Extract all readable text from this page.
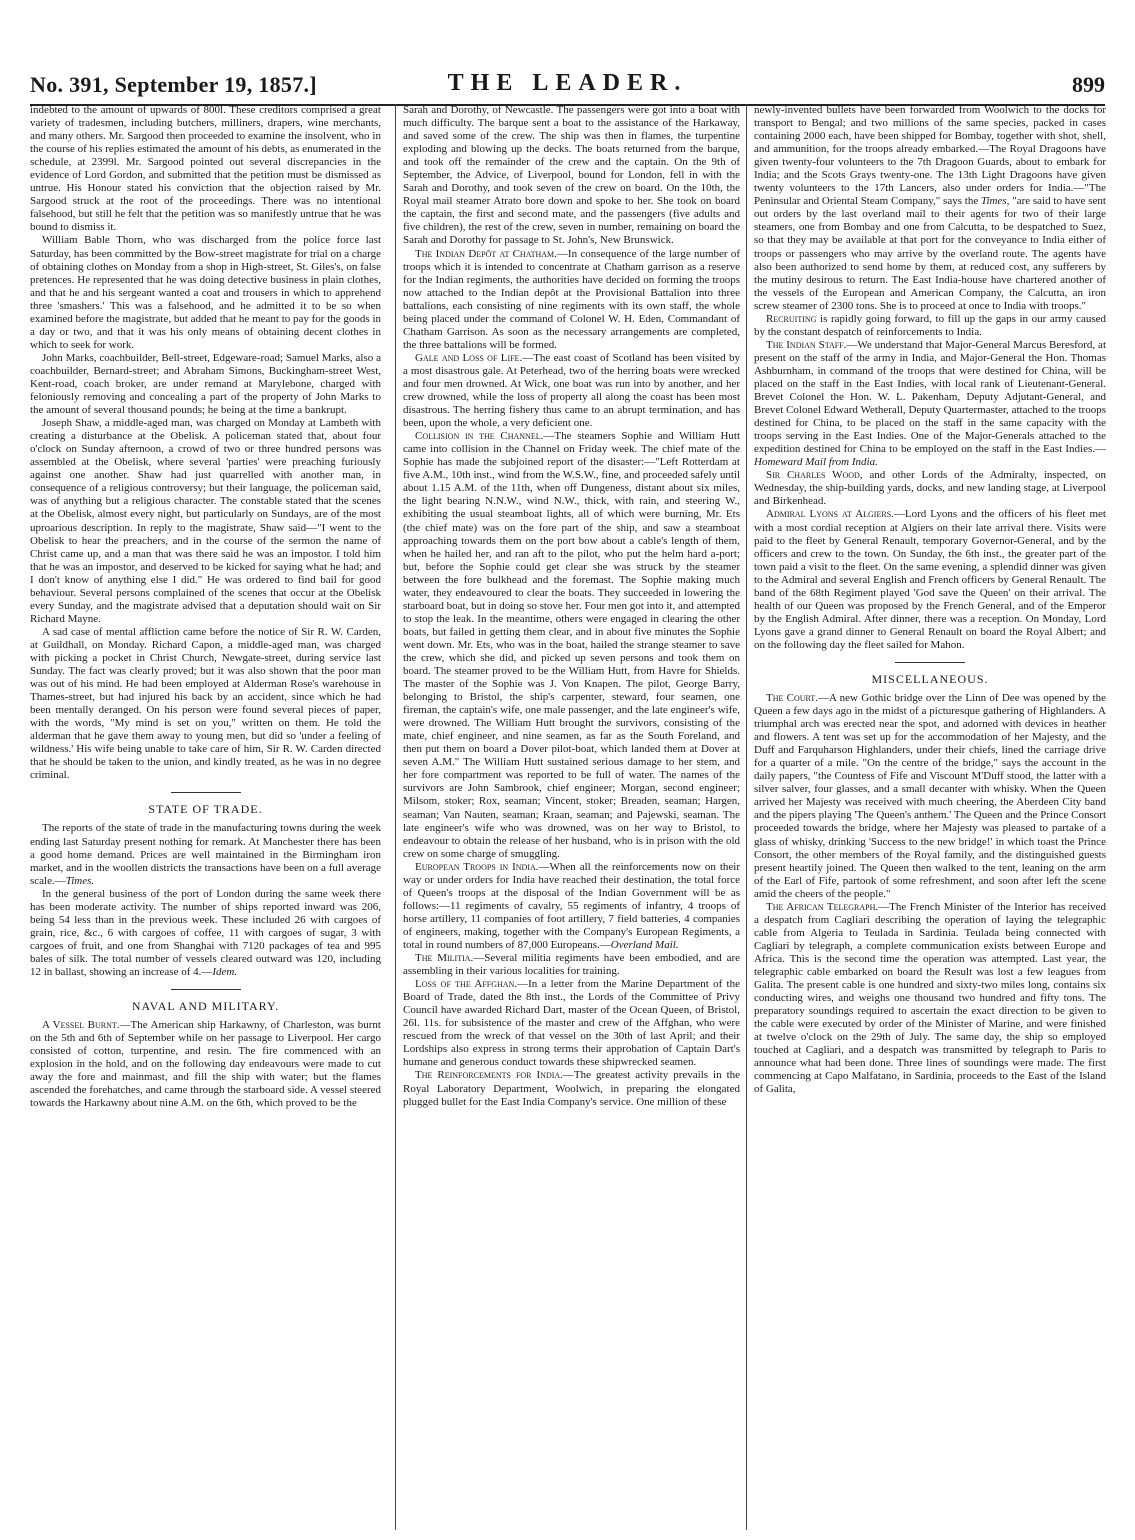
No. 391, September 19, 1857.]	THE LEADER.	899

indebted to the amount of upwards of 800l. These creditors comprised a great variety of tradesmen, including butchers, milliners, drapers, wine merchants, and many others. Mr. Sargood then proceeded to examine the insolvent, who in the course of his replies estimated the amount of his debts, as enumerated in the schedule, at 2399l. Mr. Sargood pointed out several discrepancies in the evidence of Lord Gordon, and submitted that the petition must be dismissed as untrue. His Honour stated his conviction that the objection raised by Mr. Sargood struck at the root of the proceedings. There was no intentional falsehood, but still he felt that the petition was so manifestly untrue that he was bound to dismiss it.

William Bable Thorn, who was discharged from the police force last Saturday, has been committed by the Bow-street magistrate for trial on a charge of obtaining clothes on Monday from a shop in High-street, St. Giles's, on false pretences. He represented that he was doing detective business in plain clothes, and that he and his sergeant wanted a coat and trousers in which to apprehend three 'smashers.' This was a falsehood, and he admitted it to be so when examined before the magistrate, but added that he meant to pay for the goods in a day or two, and that it was his only means of obtaining decent clothes in which to seek for work.

John Marks, coachbuilder, Bell-street, Edgeware-road; Samuel Marks, also a coachbuilder, Bernard-street; and Abraham Simons, Buckingham-street West, Kent-road, coach broker, are under remand at Marylebone, charged with feloniously removing and concealing a part of the property of John Marks to the amount of several thousand pounds; he being at the time a bankrupt.

Joseph Shaw, a middle-aged man, was charged on Monday at Lambeth with creating a disturbance at the Obelisk. A policeman stated that, about four o'clock on Sunday afternoon, a crowd of two or three hundred persons was assembled at the Obelisk, where several 'parties' were preaching furiously against one another. Shaw had just quarrelled with another man, in consequence of a religious controversy; but their language, the policeman said, was of anything but a religious character. The constable stated that the scenes at the Obelisk, almost every night, but particularly on Sundays, are of the most uproarious description. In reply to the magistrate, Shaw said—"I went to the Obelisk to hear the preachers, and in the course of the sermon the name of Christ came up, and a man that was there said he was an impostor. I told him that he was an impostor, and deserved to be kicked for saying what he had; and I don't know of anything else I did." He was ordered to find bail for good behaviour. Several persons complained of the scenes that occur at the Obelisk every Sunday, and the magistrate advised that a deputation should wait on Sir Richard Mayne.

A sad case of mental affliction came before the notice of Sir R. W. Carden, at Guildhall, on Monday. Richard Capon, a middle-aged man, was charged with picking a pocket in Christ Church, Newgate-street, during service last Sunday. The fact was clearly proved; but it was also shown that the poor man was out of his mind. He had been employed at Alderman Rose's warehouse in Thames-street, but had injured his back by an accident, since which he had been mentally deranged. On his person were found several pieces of paper, with the words, "My mind is set on you," written on them. He told the alderman that he gave them away to young men, but did so 'under a feeling of wildness.' His wife being unable to take care of him, Sir R. W. Carden directed that he should be taken to the union, and kindly treated, as he was in no degree criminal.

STATE OF TRADE.

The reports of the state of trade in the manufacturing towns during the week ending last Saturday present nothing for remark. At Manchester there has been a good home demand. Prices are well maintained in the Birmingham iron market, and in the woollen districts the transactions have been on a full average scale.—Times.

In the general business of the port of London during the same week there has been moderate activity. The number of ships reported inward was 206, being 54 less than in the previous week. These included 26 with cargoes of grain, rice, &c., 6 with cargoes of coffee, 11 with cargoes of sugar, 3 with cargoes of fruit, and one from Shanghai with 7120 packages of tea and 995 bales of silk. The total number of vessels cleared outward was 120, including 12 in ballast, showing an increase of 4.—Idem.

NAVAL AND MILITARY.

A Vessel Burnt.—The American ship Harkawny, of Charleston, was burnt on the 5th and 6th of September while on her passage to Liverpool. Her cargo consisted of cotton, turpentine, and resin. The fire commenced with an explosion in the hold, and on the following day endeavours were made to cut away the fore and mainmast, and fill the ship with water; but the flames ascended the forehatches, and came through the starboard side. A vessel steered towards the Harkawny about nine A.M. on the 6th, which proved to be the

Sarah and Dorothy, of Newcastle. The passengers were got into a boat with much difficulty. The barque sent a boat to the assistance of the Harkaway, and saved some of the crew. The ship was then in flames, the turpentine exploding and blowing up the decks. The boats returned from the barque, and took off the remainder of the crew and the captain. On the 9th of September, the Advice, of Liverpool, bound for London, fell in with the Sarah and Dorothy, and took seven of the crew on board. On the 10th, the Royal mail steamer Atrato bore down and spoke to her. She took on board the captain, the first and second mate, and the passengers (five adults and five children), the rest of the crew, seven in number, remaining on board the Sarah and Dorothy for passage to St. John's, New Brunswick.

The Indian Depôt at Chatham.—In consequence of the large number of troops which it is intended to concentrate at Chatham garrison as a reserve for the Indian regiments, the authorities have decided on forming the troops now attached to the Indian depôt at the Provisional Battalion into three battalions, each consisting of nine regiments with its own staff, the whole being placed under the command of Colonel W. H. Eden, Commandant of Chatham Garrison. As soon as the necessary arrangements are completed, the three battalions will be formed.

Gale and Loss of Life.—The east coast of Scotland has been visited by a most disastrous gale. At Peterhead, two of the herring boats were wrecked and four men drowned. At Wick, one boat was run into by another, and her crew drowned, while the loss of property all along the coast has been most disastrous. The herring fishery thus came to an abrupt termination, and has been, upon the whole, a very deficient one.

Collision in the Channel.—The steamers Sophie and William Hutt came into collision in the Channel on Friday week. The chief mate of the Sophie has made the subjoined report of the disaster:—"Left Rotterdam at five A.M., 10th inst., wind from the W.S.W., fine, and proceeded safely until about 1.15 A.M. of the 11th, when off Dungeness, distant about six miles, the light bearing N.N.W., wind N.W., thick, with rain, and steering W., exhibiting the usual steamboat lights, all of which were burning, Mr. Ets (the chief mate) was on the fore part of the ship, and saw a steamboat approaching towards them on the port bow about a cable's length of them, when he hailed her, and ran aft to the pilot, who put the helm hard a-port; but, before the Sophie could get clear she was struck by the steamer between the fore bulkhead and the foremast. The Sophie making much water, they endeavoured to clear the boats. They succeeded in lowering the starboard boat, but in doing so stove her. Four men got into it, and attempted to stop the leak. In the meantime, others were engaged in clearing the other boats, but failed in getting them clear, and in about five minutes the Sophie went down. Mr. Ets, who was in the boat, hailed the strange steamer to save the crew, which she did, and picked up seven persons and took them on board. The steamer proved to be the William Hutt, from Havre for Shields. The master of the Sophie was J. Von Knapen. The pilot, George Barry, belonging to Bristol, the ship's carpenter, steward, four seamen, one fireman, the captain's wife, one male passenger, and the late engineer's wife, were drowned. The William Hutt brought the survivors, consisting of the mate, chief engineer, and nine seamen, as far as the South Foreland, and then put them on board a Dover pilot-boat, which landed them at Dover at seven A.M." The William Hutt sustained serious damage to her stem, and her fore compartment was reported to be full of water. The names of the survivors are John Sambrook, chief engineer; Morgan, second engineer; Milsom, stoker; Rox, seaman; Vincent, stoker; Breaden, seaman; Hargen, seaman; Van Nauten, seaman; Kraan, seaman; and Pajewski, seaman. The late engineer's wife who was drowned, was on her way to Bristol, to endeavour to obtain the release of her husband, who is in prison with the old crew on some charge of smuggling.

European Troops in India.—When all the reinforcements now on their way or under orders for India have reached their destination, the total force of Queen's troops at the disposal of the Indian Government will be as follows:—11 regiments of cavalry, 55 regiments of infantry, 4 troops of horse artillery, 11 companies of foot artillery, 7 field batteries, 4 companies of engineers, making, together with the Company's European Regiments, a total in round numbers of 87,000 Europeans.—Overland Mail.

The Militia.—Several militia regiments have been embodied, and are assembling in their various localities for training.

Loss of the Affghan.—In a letter from the Marine Department of the Board of Trade, dated the 8th inst., the Lords of the Committee of Privy Council have awarded Richard Dart, master of the Ocean Queen, of Bristol, 26l. 11s. for subsistence of the master and crew of the Affghan, who were rescued from the wreck of that vessel on the 30th of last April; and their Lordships also express in strong terms their approbation of Captain Dart's humane and generous conduct towards these shipwrecked seamen.

The Reinforcements for India.—The greatest activity prevails in the Royal Laboratory Department, Woolwich, in preparing the elongated plugged bullet for the East India Company's service. One million of these

newly-invented bullets have been forwarded from Woolwich to the docks for transport to Bengal; and two millions of the same species, packed in cases containing 2000 each, have been shipped for Bombay, together with shot, shell, and ammunition, for the troops already embarked.—The Royal Dragoons have given twenty-four volunteers to the 7th Dragoon Guards, about to embark for India; and the Scots Grays twenty-one. The 13th Light Dragoons have given twenty volunteers to the 17th Lancers, also under orders for India.—"The Peninsular and Oriental Steam Company," says the Times, "are said to have sent out orders by the last overland mail to their agents for two of their large steamers, one from Bombay and one from Calcutta, to be despatched to Suez, so that they may be available at that port for the conveyance to India either of troops or passengers who may arrive by the overland route. The agents have also been authorized to send home by them, at reduced cost, any sufferers by the mutiny desirous to return. The East India-house have chartered another of the vessels of the European and American Company, the Calcutta, an iron screw steamer of 2300 tons. She is to proceed at once to India with troops."

Recruiting is rapidly going forward, to fill up the gaps in our army caused by the constant despatch of reinforcements to India.

The Indian Staff.—We understand that Major-General Marcus Beresford, at present on the staff of the army in India, and Major-General the Hon. Thomas Ashburnham, in command of the troops that were destined for China, will be placed on the staff in the East Indies, with local rank of Lieutenant-General. Brevet Colonel the Hon. W. L. Pakenham, Deputy Adjutant-General, and Brevet Colonel Edward Wetherall, Deputy Quartermaster, attached to the troops destined for China, to be placed on the staff in the same capacity with the troops serving in the East Indies. One of the Major-Generals attached to the expedition destined for China to be employed on the staff in the East Indies.—Homeward Mail from India.

Sir Charles Wood, and other Lords of the Admiralty, inspected, on Wednesday, the ship-building yards, docks, and new landing stage, at Liverpool and Birkenhead.

Admiral Lyons at Algiers.—Lord Lyons and the officers of his fleet met with a most cordial reception at Algiers on their late arrival there. Visits were paid to the fleet by General Renault, temporary Governor-General, and by the officers and crew to the town. On Sunday, the 6th inst., the greater part of the town paid a visit to the fleet. On the same evening, a splendid dinner was given to the Admiral and several English and French officers by General Renault. The band of the 68th Regiment played 'God save the Queen' on their arrival. The health of our Queen was proposed by the French General, and of the Emperor by the English Admiral. After dinner, there was a reception. On Monday, Lord Lyons gave a grand dinner to General Renault on board the Royal Albert; and on the following day the fleet sailed for Mahon.

MISCELLANEOUS.

The Court.—A new Gothic bridge over the Linn of Dee was opened by the Queen a few days ago in the midst of a picturesque gathering of Highlanders. A triumphal arch was erected near the spot, and adorned with devices in heather and flowers. A tent was set up for the accommodation of her Majesty, and the Duff and Farquharson Highlanders, under their chiefs, lined the carriage drive for a quarter of a mile. "On the centre of the bridge," says the account in the daily papers, "the Countess of Fife and Viscount M'Duff stood, the latter with a silver salver, four glasses, and a small decanter with whisky. When the Queen arrived her Majesty was received with much cheering, the Aberdeen City band and the pipers playing 'The Queen's anthem.' The Queen and the Prince Consort proceeded towards the bridge, where her Majesty was pleased to partake of a glass of whisky, drinking 'Success to the new bridge!' in which toast the Prince Consort, the other members of the Royal family, and the distinguished guests present heartily joined. The Queen then walked to the tent, leaning on the arm of the Earl of Fife, partook of some refreshment, and soon after left the scene amid the cheers of the people."

The African Telegraph.—The French Minister of the Interior has received a despatch from Cagliari describing the operation of laying the telegraphic cable from Algeria to Teulada in Sardinia. Teulada being connected with Cagliari by telegraph, a complete communication exists between Europe and Africa. This is the second time the operation was attempted. Last year, the telegraphic cable embarked on board the Result was lost a few leagues from Galita. The present cable is one hundred and sixty-two miles long, contains six conducting wires, and weighs one thousand two hundred and fifty tons. The preparatory soundings required to ascertain the exact direction to be given to the cable were executed by order of the Minister of Marine, and were finished at twelve o'clock on the 29th of July. The same day, the ship so employed touched at Cagliari, and a despatch was transmitted by telegraph to Paris to announce what had been done. Three lines of soundings were made. The first commencing at Capo Malfatano, in Sardinia, proceeds to the East of the Island of Galita,
